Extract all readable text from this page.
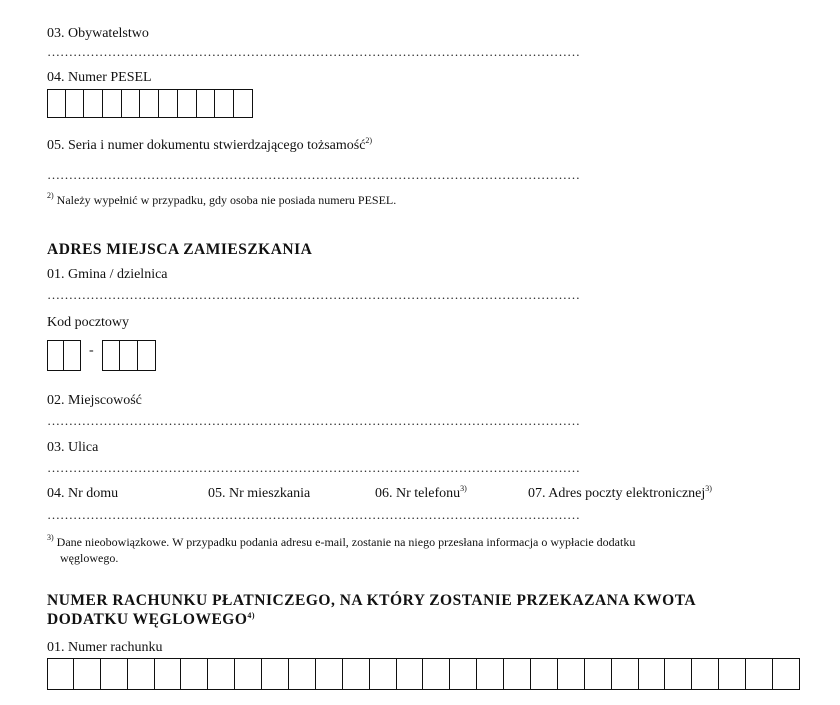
03. Obywatelstwo
……………………………………………………………………………………………………………
04. Numer PESEL
05. Seria i numer dokumentu stwierdzającego tożsamość$^{2)}$
……………………………………………………………………………………………………………
$^{2)}$ Należy wypełnić w przypadku, gdy osoba nie posiada numeru PESEL.
ADRES MIEJSCA ZAMIESZKANIA
01. Gmina / dzielnica
……………………………………………………………………………………………………………
Kod pocztowy
-
02. Miejscowość
……………………………………………………………………………………………………………
03. Ulica
……………………………………………………………………………………………………………
04. Nr domu	05. Nr mieszkania	06. Nr telefonu$^{3)}$	07. Adres poczty elektronicznej$^{3)}$
……………………………………………………………………………………………………………
$^{3)}$ Dane nieobowiązkowe. W przypadku podania adresu e-mail, zostanie na niego przesłana informacja o wypłacie dodatku
węglowego.
NUMER RACHUNKU PŁATNICZEGO, NA KTÓRY ZOSTANIE PRZEKAZANA KWOTA
DODATKU WĘGLOWEGO$^{4)}$
01. Numer rachunku
